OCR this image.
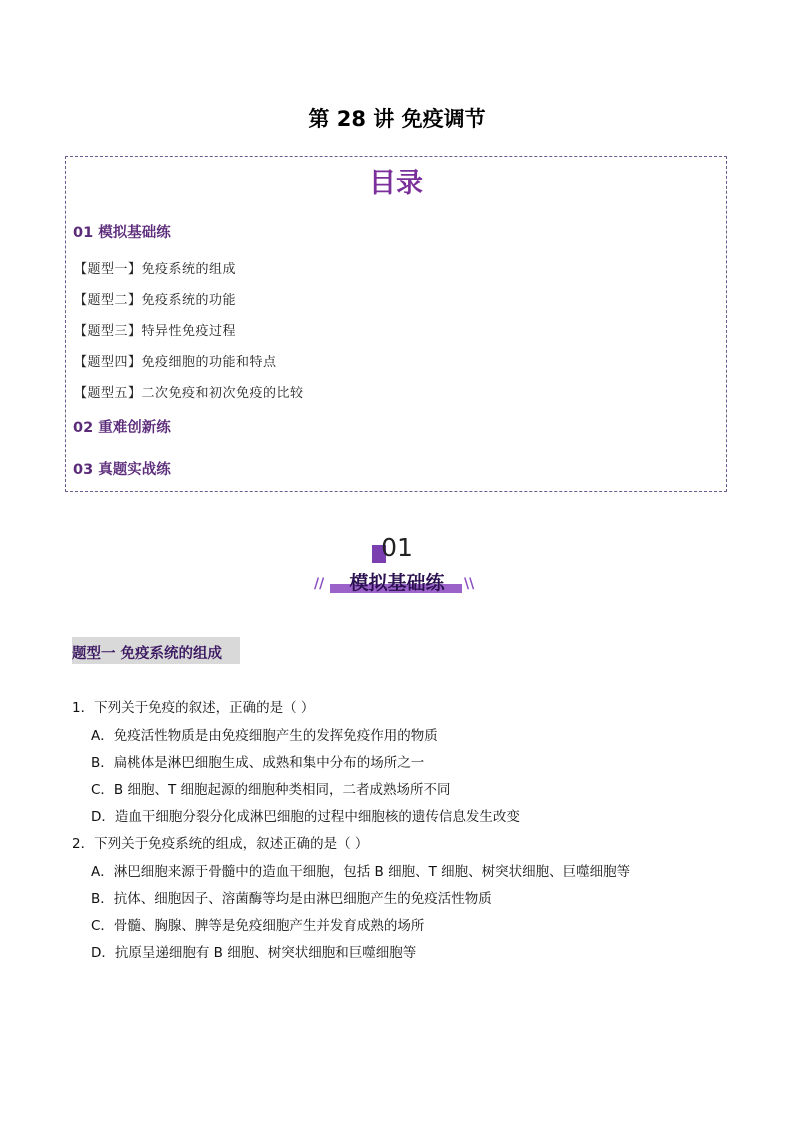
第 28 讲 免疫调节
目录
01 模拟基础练
【题型一】免疫系统的组成
【题型二】免疫系统的功能
【题型三】特异性免疫过程
【题型四】免疫细胞的功能和特点
【题型五】二次免疫和初次免疫的比较
02 重难创新练
03 真题实战练
01
//	模拟基础练	\\
题型一 免疫系统的组成
1．下列关于免疫的叙述，正确的是（ ）
A．免疫活性物质是由免疫细胞产生的发挥免疫作用的物质
B．扁桃体是淋巴细胞生成、成熟和集中分布的场所之一
C．B 细胞、T 细胞起源的细胞种类相同，二者成熟场所不同
D．造血干细胞分裂分化成淋巴细胞的过程中细胞核的遗传信息发生改变
2．下列关于免疫系统的组成，叙述正确的是（ ）
A．淋巴细胞来源于骨髓中的造血干细胞，包括 B 细胞、T 细胞、树突状细胞、巨噬细胞等
B．抗体、细胞因子、溶菌酶等均是由淋巴细胞产生的免疫活性物质
C．骨髓、胸腺、脾等是免疫细胞产生并发育成熟的场所
D．抗原呈递细胞有 B 细胞、树突状细胞和巨噬细胞等
